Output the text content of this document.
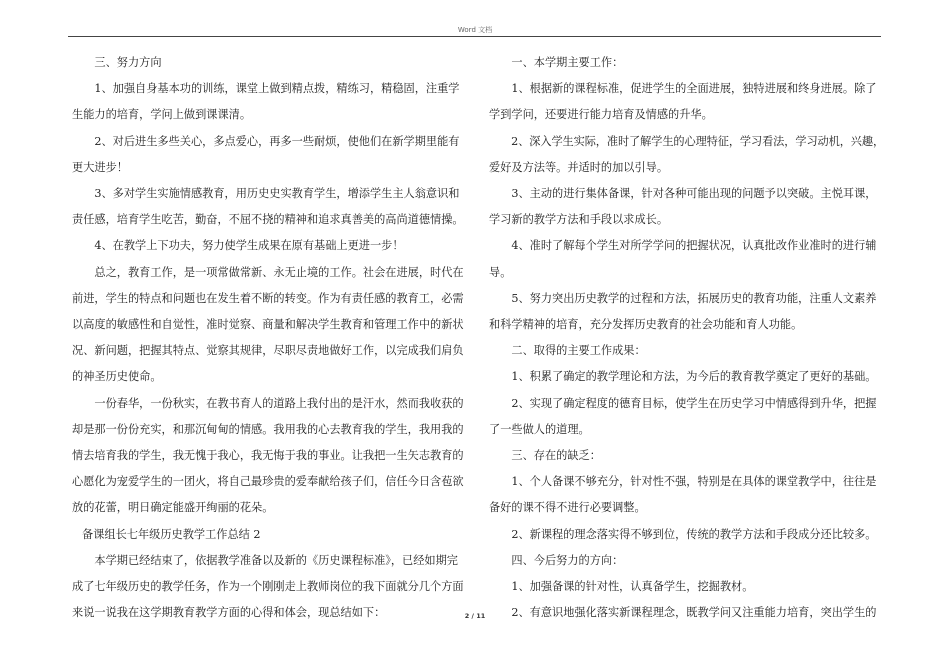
Word 文档

　　三、努力方向

　　1、加强自身基本功的训练，课堂上做到精点拨，精练习，精稳固，注重学

生能力的培育，学问上做到课课清。

　　2、对后进生多些关心，多点爱心，再多一些耐烦，使他们在新学期里能有

更大进步！

　　3、多对学生实施情感教育，用历史史实教育学生，增添学生主人翁意识和

责任感，培育学生吃苦，勤奋，不屈不挠的精神和追求真善美的高尚道德情操。

　　4、在教学上下功夫，努力使学生成果在原有基础上更进一步！

　　总之，教育工作，是一项常做常新、永无止境的工作。社会在进展，时代在

前进，学生的特点和问题也在发生着不断的转变。作为有责任感的教育工，必需

以高度的敏感性和自觉性，准时觉察、商量和解决学生教育和管理工作中的新状

况、新问题，把握其特点、觉察其规律，尽职尽责地做好工作，以完成我们肩负

的神圣历史使命。

　　一份春华，一份秋实，在教书育人的道路上我付出的是汗水，然而我收获的

却是那一份份充实，和那沉甸甸的情感。我用我的心去教育我的学生，我用我的

情去培育我的学生，我无愧于我心，我无悔于我的事业。让我把一生矢志教育的

心愿化为宠爱学生的一团火，将自己最珍贵的爱奉献给孩子们，信任今日含苞欲

放的花蕾，明日确定能盛开绚丽的花朵。

备课组长七年级历史教学工作总结 2

　　本学期已经结束了，依据教学准备以及新的《历史课程标准》，已经如期完

成了七年级历史的教学任务，作为一个刚刚走上教师岗位的我下面就分几个方面

来说一说我在这学期教育教学方面的心得和体会，现总结如下：

　　一、本学期主要工作：

　　1、根据新的课程标准，促进学生的全面进展，独特进展和终身进展。除了

学到学问，还要进行能力培育及情感的升华。

　　2、深入学生实际，准时了解学生的心理特征，学习看法，学习动机，兴趣，

爱好及方法等。并适时的加以引导。

　　3、主动的进行集体备课，针对各种可能出现的问题予以突破。主悦耳课，

学习新的教学方法和手段以求成长。

　　4、准时了解每个学生对所学学问的把握状况，认真批改作业准时的进行辅

导。

　　5、努力突出历史教学的过程和方法，拓展历史的教育功能，注重人文素养

和科学精神的培育，充分发挥历史教育的社会功能和育人功能。

　　二、取得的主要工作成果：

　　1、积累了确定的教学理论和方法，为今后的教育教学奠定了更好的基础。

　　2、实现了确定程度的德育目标，使学生在历史学习中情感得到升华，把握

了一些做人的道理。

　　三、存在的缺乏：

　　1、个人备课不够充分，针对性不强，特别是在具体的课堂教学中，往往是

备好的课不得不进行必要调整。

　　2、新课程的理念落实得不够到位，传统的教学方法和手段成分还比较多。

　　四、今后努力的方向：

　　1、加强备课的针对性，认真备学生，挖掘教材。

　　2、有意识地强化落实新课程理念，既教学问又注重能力培育，突出学生的

2 / 11
